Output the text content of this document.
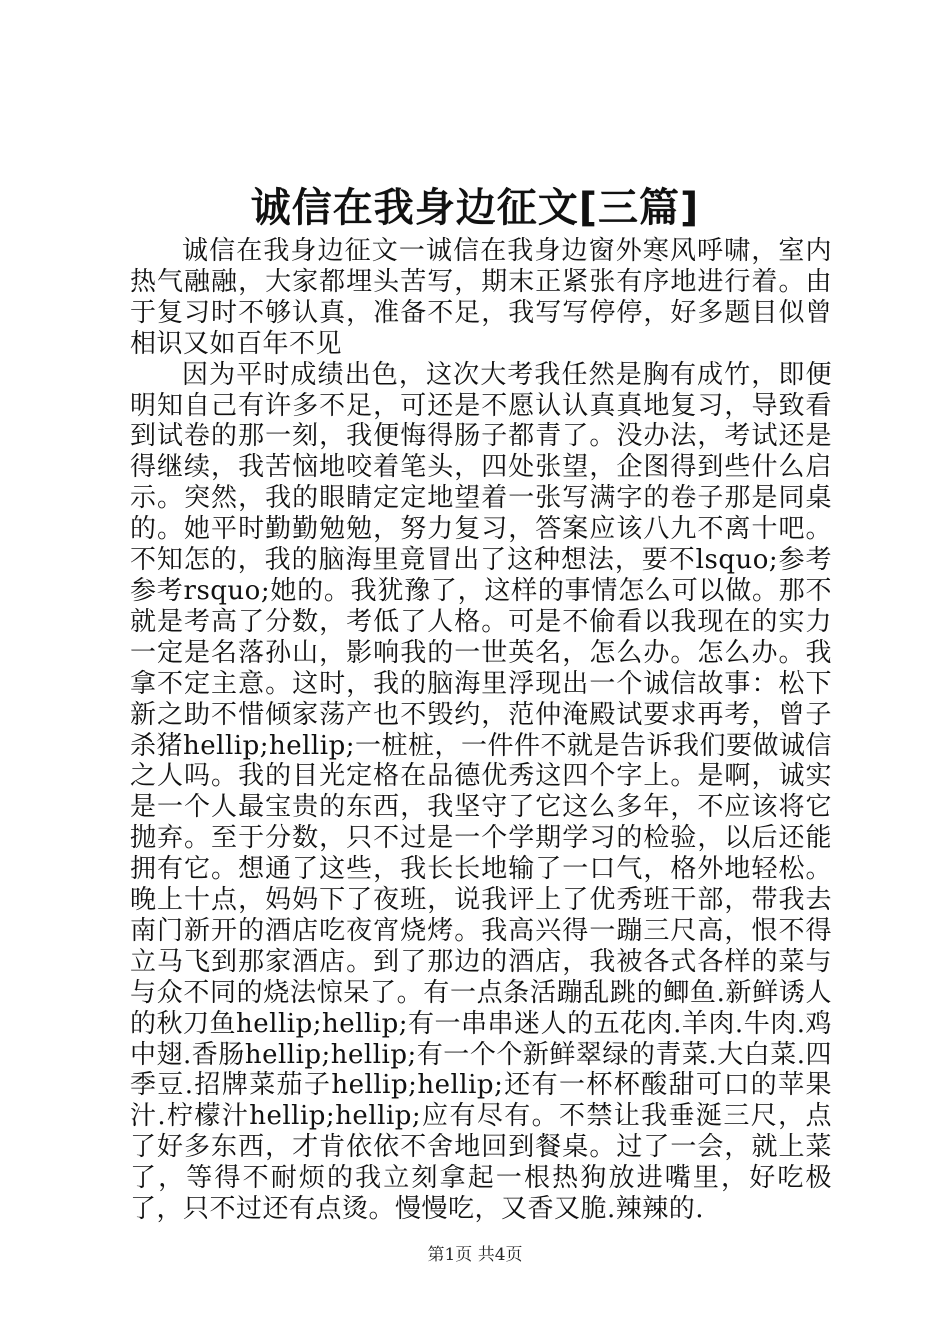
诚信在我身边征文[三篇]

诚信在我身边征文一诚信在我身边窗外寒风呼啸，室内热气融融，大家都埋头苦写，期末正紧张有序地进行着。由于复习时不够认真，准备不足，我写写停停，好多题目似曾相识又如百年不见

因为平时成绩出色，这次大考我任然是胸有成竹，即便明知自己有许多不足，可还是不愿认认真真地复习，导致看到试卷的那一刻，我便悔得肠子都青了。没办法，考试还是得继续，我苦恼地咬着笔头，四处张望，企图得到些什么启示。突然，我的眼睛定定地望着一张写满字的卷子那是同桌的。她平时勤勤勉勉，努力复习，答案应该八九不离十吧。不知怎的，我的脑海里竟冒出了这种想法，要不lsquo;参考参考rsquo;她的。我犹豫了，这样的事情怎么可以做。那不就是考高了分数，考低了人格。可是不偷看以我现在的实力一定是名落孙山，影响我的一世英名，怎么办。怎么办。我拿不定主意。这时，我的脑海里浮现出一个诚信故事：松下新之助不惜倾家荡产也不毁约，范仲淹殿试要求再考，曾子杀猪hellip;hellip;一桩桩，一件件不就是告诉我们要做诚信之人吗。我的目光定格在品德优秀这四个字上。是啊，诚实是一个人最宝贵的东西，我坚守了它这么多年，不应该将它抛弃。至于分数，只不过是一个学期学习的检验，以后还能拥有它。想通了这些，我长长地输了一口气，格外地轻松。晚上十点，妈妈下了夜班，说我评上了优秀班干部，带我去南门新开的酒店吃夜宵烧烤。我高兴得一蹦三尺高，恨不得立马飞到那家酒店。到了那边的酒店，我被各式各样的菜与与众不同的烧法惊呆了。有一点条活蹦乱跳的鲫鱼.新鲜诱人的秋刀鱼hellip;hellip;有一串串迷人的五花肉.羊肉.牛肉.鸡中翅.香肠hellip;hellip;有一个个新鲜翠绿的青菜.大白菜.四季豆.招牌菜茄子hellip;hellip;还有一杯杯酸甜可口的苹果汁.柠檬汁hellip;hellip;应有尽有。不禁让我垂涎三尺，点了好多东西，才肯依依不舍地回到餐桌。过了一会，就上菜了，等得不耐烦的我立刻拿起一根热狗放进嘴里，好吃极了，只不过还有点烫。慢慢吃，又香又脆.辣辣的.

第1页 共4页
